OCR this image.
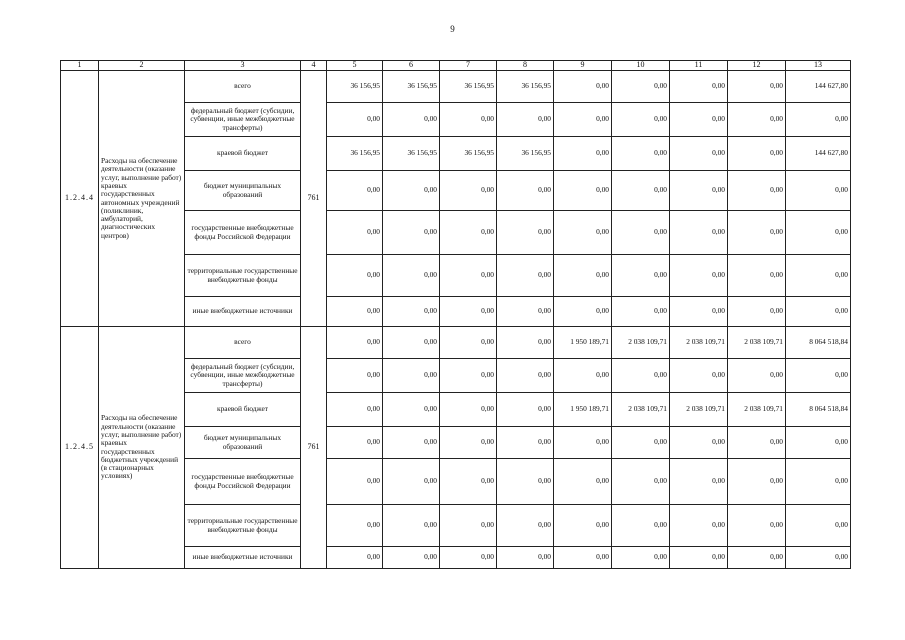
9
1	2	3	4	5	6	7	8	9	10	11	12	13
1.2.4.4	Расходы на обеспечение деятельности (оказание услуг, выполнение работ) краевых государственных автономных учреждений (поликлиник, амбулаторий, диагностических центров)	всего	761	36 156,95	36 156,95	36 156,95	36 156,95	0,00	0,00	0,00	0,00	144 627,80
		федеральный бюджет (субсидии, субвенции, иные межбюджетные трансферты)		0,00	0,00	0,00	0,00	0,00	0,00	0,00	0,00	0,00
		краевой бюджет		36 156,95	36 156,95	36 156,95	36 156,95	0,00	0,00	0,00	0,00	144 627,80
		бюджет муниципальных образований		0,00	0,00	0,00	0,00	0,00	0,00	0,00	0,00	0,00
		государственные внебюджетные фонды Российской Федерации		0,00	0,00	0,00	0,00	0,00	0,00	0,00	0,00	0,00
		территориальные государственные внебюджетные фонды		0,00	0,00	0,00	0,00	0,00	0,00	0,00	0,00	0,00
		иные внебюджетные источники		0,00	0,00	0,00	0,00	0,00	0,00	0,00	0,00	0,00
1.2.4.5	Расходы на обеспечение деятельности (оказание услуг, выполнение работ) краевых государственных бюджетных учреждений (в стационарных условиях)	всего	761	0,00	0,00	0,00	0,00	1 950 189,71	2 038 109,71	2 038 109,71	2 038 109,71	8 064 518,84
		федеральный бюджет (субсидии, субвенции, иные межбюджетные трансферты)		0,00	0,00	0,00	0,00	0,00	0,00	0,00	0,00	0,00
		краевой бюджет		0,00	0,00	0,00	0,00	1 950 189,71	2 038 109,71	2 038 109,71	2 038 109,71	8 064 518,84
		бюджет муниципальных образований		0,00	0,00	0,00	0,00	0,00	0,00	0,00	0,00	0,00
		государственные внебюджетные фонды Российской Федерации		0,00	0,00	0,00	0,00	0,00	0,00	0,00	0,00	0,00
		территориальные государственные внебюджетные фонды		0,00	0,00	0,00	0,00	0,00	0,00	0,00	0,00	0,00
		иные внебюджетные источники		0,00	0,00	0,00	0,00	0,00	0,00	0,00	0,00	0,00
